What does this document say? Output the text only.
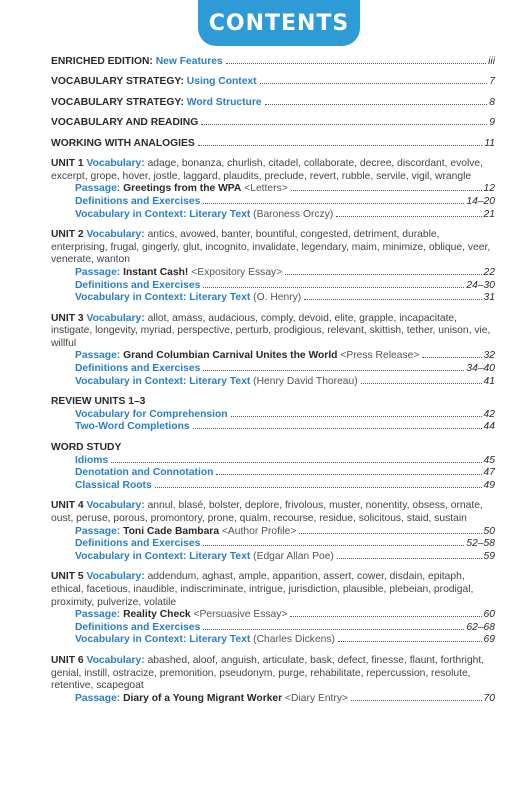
CONTENTS
ENRICHED EDITION:
New Features	iii
VOCABULARY STRATEGY:
Using Context	7
VOCABULARY STRATEGY:
Word Structure	8
VOCABULARY AND READING	9
WORKING WITH ANALOGIES	11
UNIT 1 Vocabulary: adage, bonanza, churlish, citadel, collaborate, decree, discordant, evolve, excerpt, grope, hover, jostle, laggard, plaudits, preclude, revert, rubble, servile, vigil, wrangle
Passage:
Greetings from the WPA
<Letters>	12
Definitions and Exercises	14–20
Vocabulary in Context: Literary Text
(Baroness Orczy)	21
UNIT 2 Vocabulary: antics, avowed, banter, bountiful, congested, detriment, durable, enterprising, frugal, gingerly, glut, incognito, invalidate, legendary, maim, minimize, oblique, veer, venerate, wanton
Passage:
Instant Cash!
<Expository Essay>	22
Definitions and Exercises	24–30
Vocabulary in Context: Literary Text
(O. Henry)	31
UNIT 3 Vocabulary: allot, amass, audacious, comply, devoid, elite, grapple, incapacitate, instigate, longevity, myriad, perspective, perturb, prodigious, relevant, skittish, tether, unison, vie, willful
Passage:
Grand Columbian Carnival Unites the World
<Press Release>	32
Definitions and Exercises	34–40
Vocabulary in Context: Literary Text
(Henry David Thoreau)	41
REVIEW UNITS 1–3
Vocabulary for Comprehension	42
Two-Word Completions	44
WORD STUDY
Idioms	45
Denotation and Connotation	47
Classical Roots	49
UNIT 4 Vocabulary: annul, blasé, bolster, deplore, frivolous, muster, nonentity, obsess, ornate, oust, peruse, porous, promontory, prone, qualm, recourse, residue, solicitous, staid, sustain
Passage:
Toni Cade Bambara
<Author Profile>	50
Definitions and Exercises	52–58
Vocabulary in Context: Literary Text
(Edgar Allan Poe)	59
UNIT 5 Vocabulary: addendum, aghast, ample, apparition, assert, cower, disdain, epitaph, ethical, facetious, inaudible, indiscriminate, intrigue, jurisdiction, plausible, plebeian, prodigal, proximity, pulverize, volatile
Passage:
Reality Check
<Persuasive Essay>	60
Definitions and Exercises	62–68
Vocabulary in Context: Literary Text
(Charles Dickens)	69
UNIT 6 Vocabulary: abashed, aloof, anguish, articulate, bask, defect, finesse, flaunt, forthright, genial, instill, ostracize, premonition, pseudonym, purge, rehabilitate, repercussion, resolute, retentive, scapegoat
Passage:
Diary of a Young Migrant Worker
<Diary Entry>	70
